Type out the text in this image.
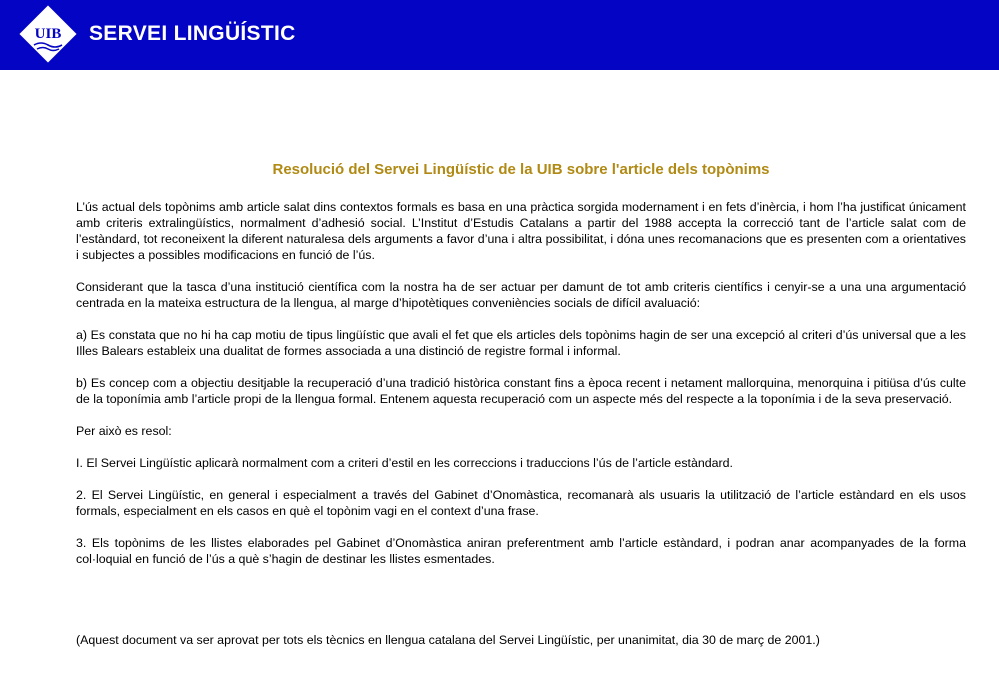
UIB SERVEI LINGÜÍSTIC
Resolució del Servei Lingüístic de la UIB sobre l'article dels topònims
L’ús actual dels topònims amb article salat dins contextos formals es basa en una pràctica sorgida modernament i en fets d’inèrcia, i hom l’ha justificat únicament amb criteris extralingüístics, normalment d’adhesió social. L’Institut d’Estudis Catalans a partir del 1988 accepta la correcció tant de l’article salat com de l’estàndard, tot reconeixent la diferent naturalesa dels arguments a favor d’una i altra possibilitat, i dóna unes recomanacions que es presenten com a orientatives i subjectes a possibles modificacions en funció de l’ús.
Considerant que la tasca d’una institució científica com la nostra ha de ser actuar per damunt de tot amb criteris científics i cenyir-se a una una argumentació centrada en la mateixa estructura de la llengua, al marge d’hipotètiques conveniències socials de difícil avaluació:
a) Es constata que no hi ha cap motiu de tipus lingüístic que avali el fet que els articles dels topònims hagin de ser una excepció al criteri d’ús universal que a les Illes Balears estableix una dualitat de formes associada a una distinció de registre formal i informal.
b) Es concep com a objectiu desitjable la recuperació d’una tradició històrica constant fins a època recent i netament mallorquina, menorquina i pitiüsa d’ús culte de la toponímia amb l’article propi de la llengua formal. Entenem aquesta recuperació com un aspecte més del respecte a la toponímia i de la seva preservació.
Per això es resol:
I. El Servei Lingüístic aplicarà normalment com a criteri d’estil en les correccions i traduccions l’ús de l’article estàndard.
2. El Servei Lingüístic, en general i especialment a través del Gabinet d’Onomàstica, recomanarà als usuaris la utilització de l’article estàndard en els usos formals, especialment en els casos en què el topònim vagi en el context d’una frase.
3. Els topònims de les llistes elaborades pel Gabinet d’Onomàstica aniran preferentment amb l’article estàndard, i podran anar acompanyades de la forma col·loquial en funció de l’ús a què s’hagin de destinar les llistes esmentades.
(Aquest document va ser aprovat per tots els tècnics en llengua catalana del Servei Lingüístic, per unanimitat, dia 30 de març de 2001.)
